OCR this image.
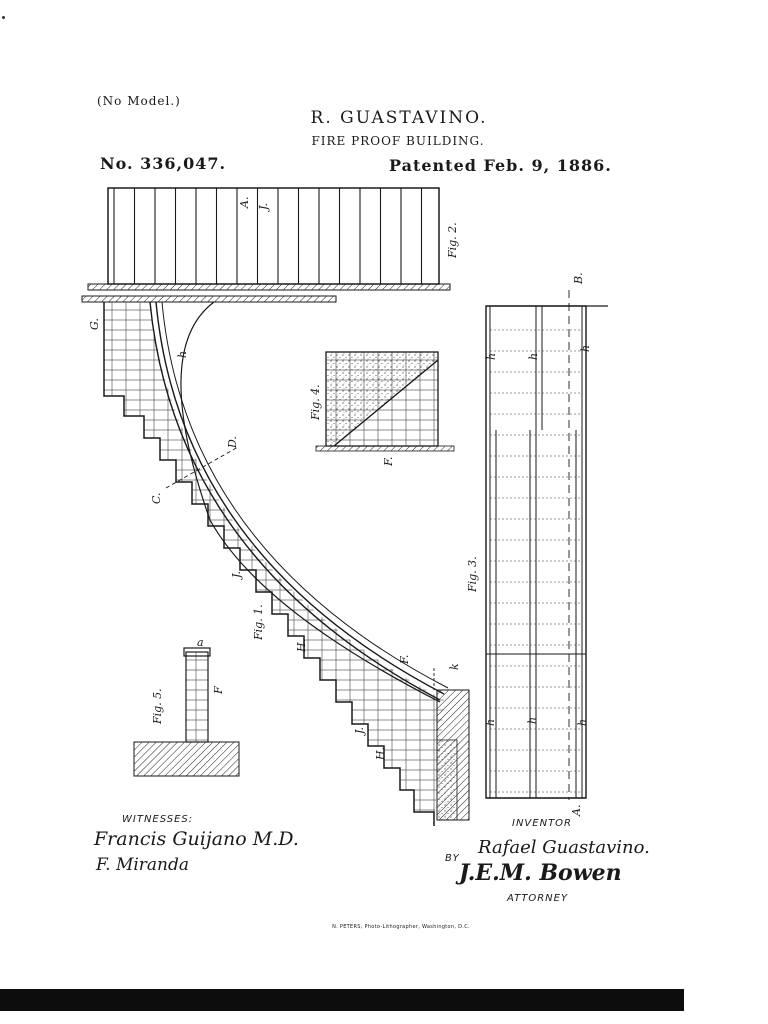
(No Model.)
R. GUASTAVINO.
FIRE PROOF BUILDING.
No. 336,047.	Patented Feb. 9, 1886.
Fig. 2.
A. J.
G.
Fig. 4.
F.
D.
C.
J.
Fig. 1.
H.
F.
J.
H.
Fig. 5.	F
a
Fig. 3.
B.
A.
h	h
h
h	h	h
h
k
WITNESSES:
Francis Guijano M.D.
F. Miranda
INVENTOR
BY
Rafael Guastavino.
J.E.M. Bowen
ATTORNEY
N. PETERS, Photo-Lithographer, Washington, D.C.
